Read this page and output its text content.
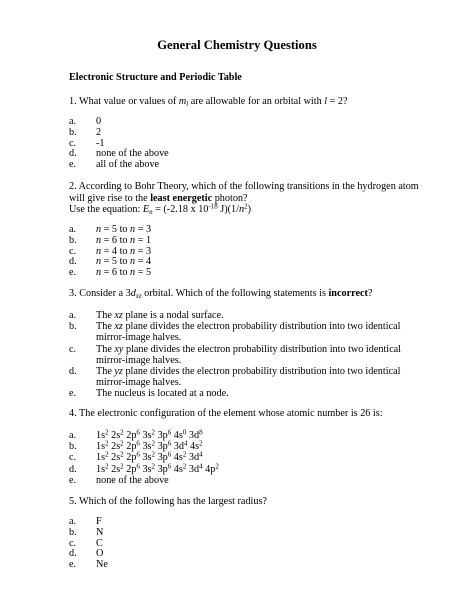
General Chemistry Questions
Electronic Structure and Periodic Table
1. What value or values of $m_l$ are allowable for an orbital with l = 2?
a.	0
b.	2
c.	-1
d.	none of the above
e.	all of the above
2. According to Bohr Theory, which of the following transitions in the hydrogen atom
will give rise to the least energetic photon?
Use the equation: $E_n = (-2.18$ x $10^{-18}$ $J)(1/n^2)$
a.	n = 5 to n = 3
b.	n = 6 to n = 1
c.	n = 4 to n = 3
d.	n = 5 to n = 4
e.	n = 6 to n = 5
3. Consider a $3d_{xz}$ orbital. Which of the following statements is incorrect?
a.	The xz plane is a nodal surface.
b.	The xz plane divides the electron probability distribution into two identical
mirror-image halves.
c.	The xy plane divides the electron probability distribution into two identical
mirror-image halves.
d.	The yz plane divides the electron probability distribution into two identical
mirror-image halves.
e.	The nucleus is located at a node.
4. The electronic configuration of the element whose atomic number is 26 is:
a.	$1s^2$ $2s^2$ $2p^6$ $3s^2$ $3p^6$ $4s^0$ $3d^8$
b.	$1s^2$ $2s^2$ $2p^6$ $3s^2$ $3p^6$ $3d^4$ $4s^2$
c.	$1s^2$ $2s^2$ $2p^6$ $3s^2$ $3p^6$ $4s^2$ $3d^4$
d.	$1s^2$ $2s^2$ $2p^6$ $3s^2$ $3p^6$ $4s^2$ $3d^4$ $4p^2$
e.	none of the above
5. Which of the following has the largest radius?
a.	F
b.	N
c.	C
d.	O
e.	Ne
